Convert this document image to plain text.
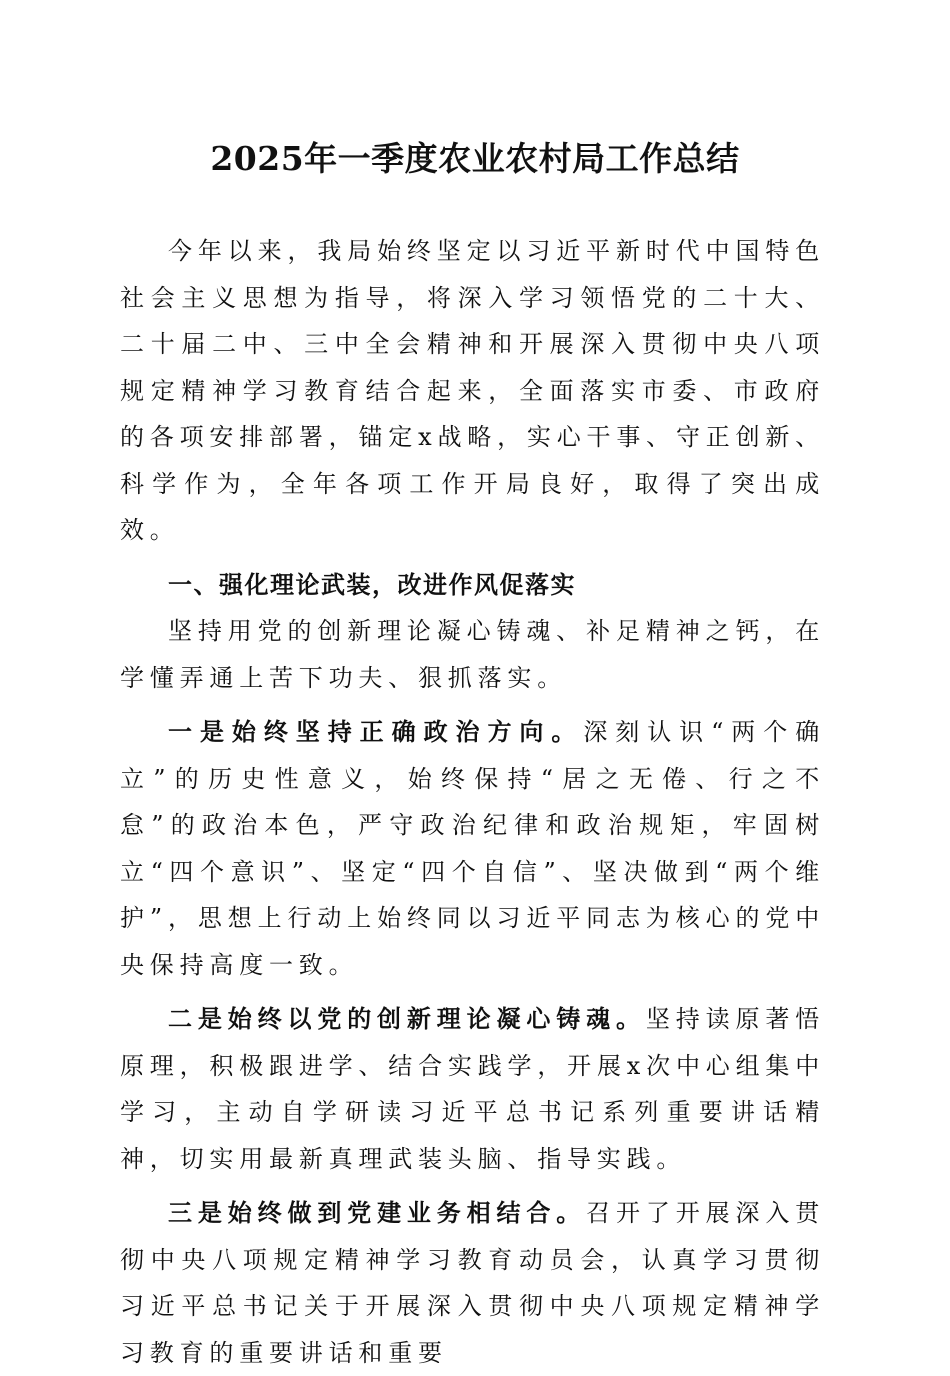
2025年一季度农业农村局工作总结

今年以来，我局始终坚定以习近平新时代中国特色社会主义思想为指导，将深入学习领悟党的二十大、二十届二中、三中全会精神和开展深入贯彻中央八项规定精神学习教育结合起来，全面落实市委、市政府的各项安排部署，锚定x战略，实心干事、守正创新、科学作为，全年各项工作开局良好，取得了突出成效。

一、强化理论武装，改进作风促落实

坚持用党的创新理论凝心铸魂、补足精神之钙，在学懂弄通上苦下功夫、狠抓落实。

一是始终坚持正确政治方向。深刻认识“两个确立”的历史性意义，始终保持“居之无倦、行之不怠”的政治本色，严守政治纪律和政治规矩，牢固树立“四个意识”、坚定“四个自信”、坚决做到“两个维护”，思想上行动上始终同以习近平同志为核心的党中央保持高度一致。

二是始终以党的创新理论凝心铸魂。坚持读原著悟原理，积极跟进学、结合实践学，开展x次中心组集中学习，主动自学研读习近平总书记系列重要讲话精神，切实用最新真理武装头脑、指导实践。

三是始终做到党建业务相结合。召开了开展深入贯彻中央八项规定精神学习教育动员会，认真学习贯彻习近平总书记关于开展深入贯彻中央八项规定精神学习教育的重要讲话和重要
